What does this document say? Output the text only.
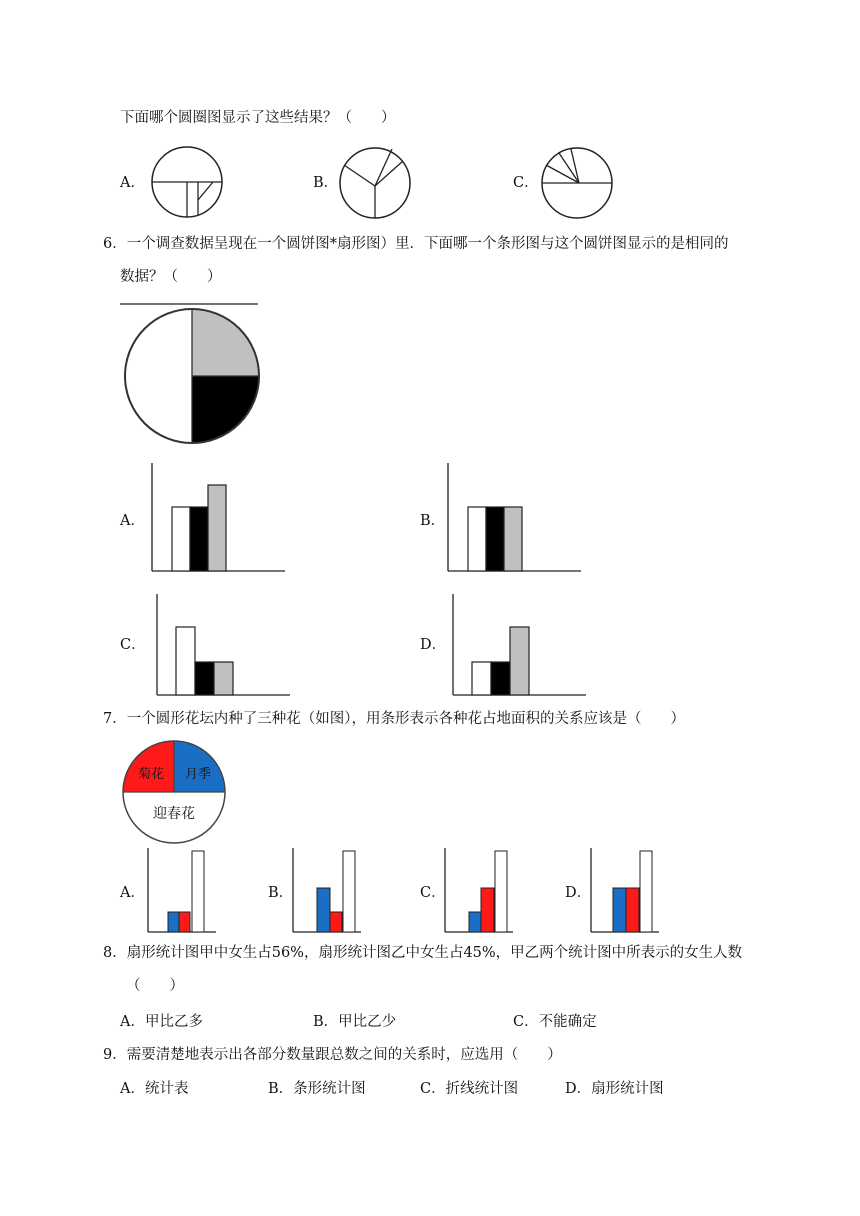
下面哪个圆圈图显示了这些结果？（　　）
A．	B．	C．
6．一个调查数据呈现在一个圆饼图*扇形图）里．下面哪一个条形图与这个圆饼图显示的是相同的
数据？（　　）
A．	B．
C．	D．
7．一个圆形花坛内种了三种花（如图），用条形表示各种花占地面积的关系应该是（　　）
菊花 月季
迎春花
A．	B．	C．	D．
8．扇形统计图甲中女生占56%，扇形统计图乙中女生占45%，甲乙两个统计图中所表示的女生人数
（　　）
A．甲比乙多	B．甲比乙少	C．不能确定
9．需要清楚地表示出各部分数量跟总数之间的关系时，应选用（　　）
A．统计表	B．条形统计图	C．折线统计图	D．扇形统计图
